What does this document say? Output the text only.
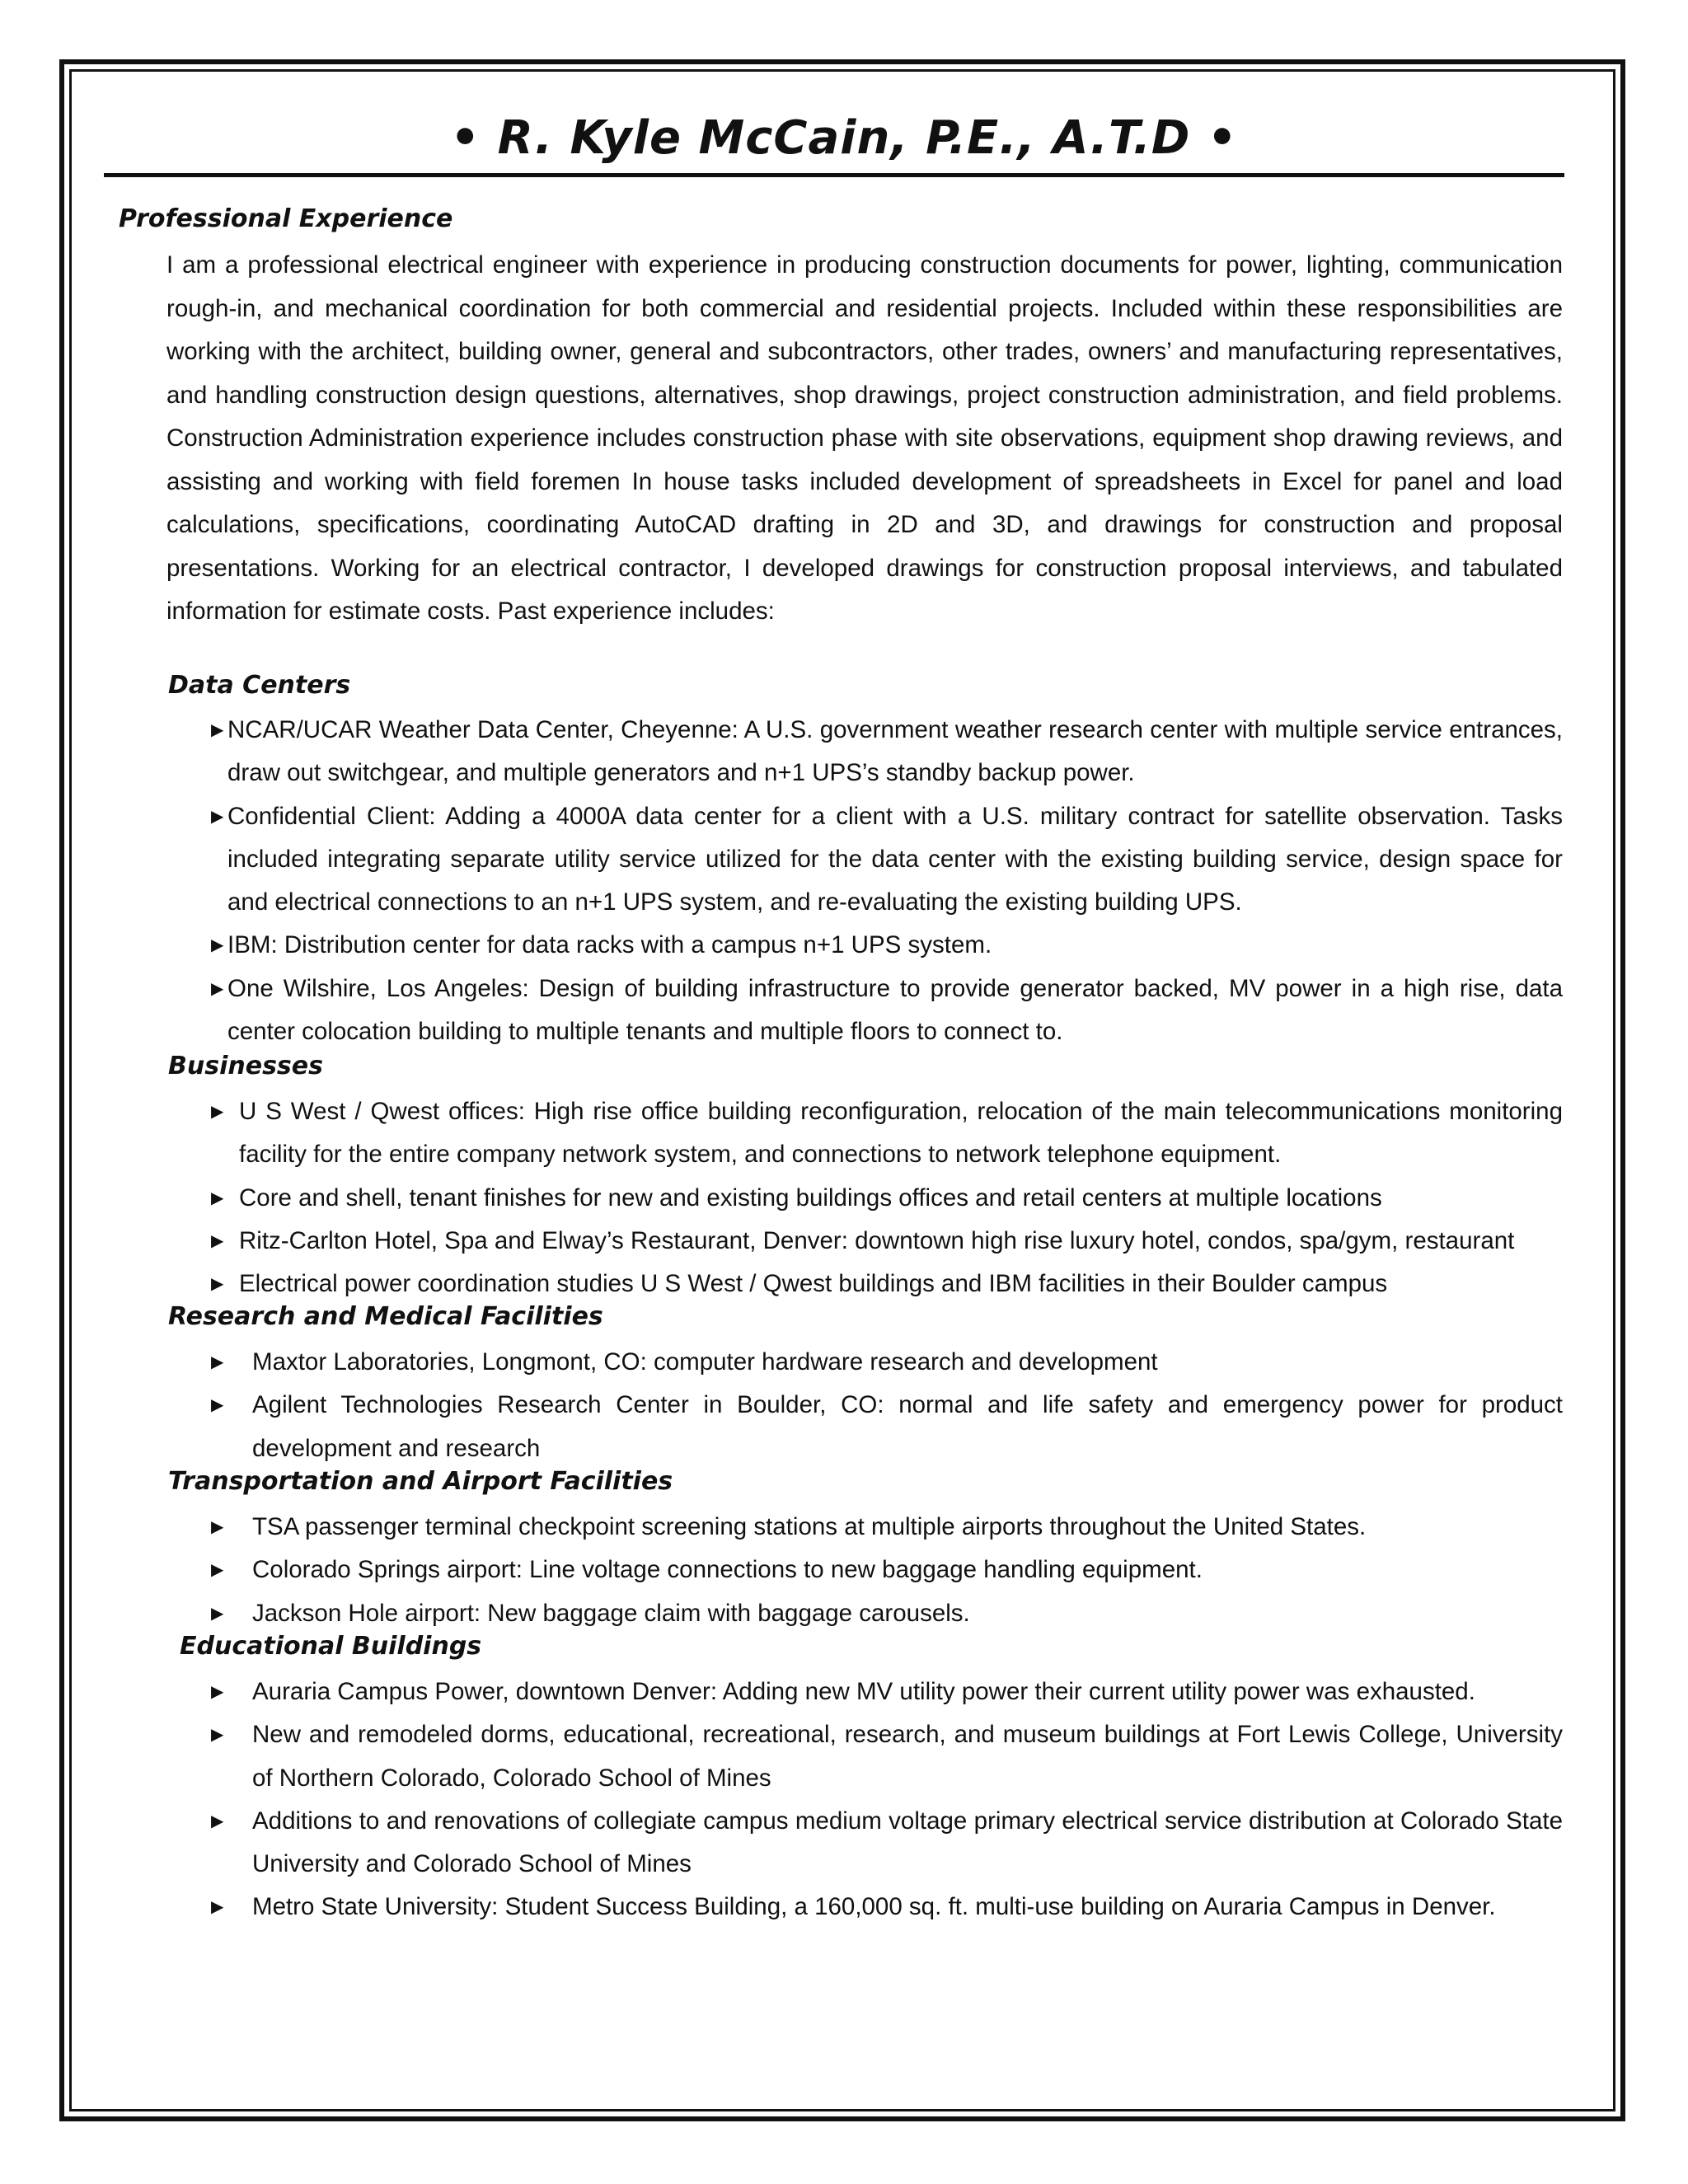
• R. Kyle McCain, P.E., A.T.D •
Professional Experience

I am a professional electrical engineer with experience in producing construction documents for power, lighting, communication rough-in, and mechanical coordination for both commercial and residential projects. Included within these responsibilities are working with the architect, building owner, general and subcontractors, other trades, owners’ and manufacturing representatives, and handling construction design questions, alternatives, shop drawings, project construction administration, and field problems. Construction Administration experience includes construction phase with site observations, equipment shop drawing reviews, and assisting and working with field foremen In house tasks included development of spreadsheets in Excel for panel and load calculations, specifications, coordinating AutoCAD drafting in 2D and 3D, and drawings for construction and proposal presentations. Working for an electrical contractor, I developed drawings for construction proposal interviews, and tabulated information for estimate costs. Past experience includes:

Data Centers
▶ NCAR/UCAR Weather Data Center, Cheyenne: A U.S. government weather research center with multiple service entrances, draw out switchgear, and multiple generators and n+1 UPS’s standby backup power.
▶ Confidential Client: Adding a 4000A data center for a client with a U.S. military contract for satellite observation. Tasks included integrating separate utility service utilized for the data center with the existing building service, design space for and electrical connections to an n+1 UPS system, and re-evaluating the existing building UPS.
▶ IBM: Distribution center for data racks with a campus n+1 UPS system.
▶ One Wilshire, Los Angeles: Design of building infrastructure to provide generator backed, MV power in a high rise, data center colocation building to multiple tenants and multiple floors to connect to.
Businesses
▶ U S West / Qwest offices: High rise office building reconfiguration, relocation of the main telecommunications monitoring facility for the entire company network system, and connections to network telephone equipment.
▶ Core and shell, tenant finishes for new and existing buildings offices and retail centers at multiple locations
▶ Ritz-Carlton Hotel, Spa and Elway’s Restaurant, Denver: downtown high rise luxury hotel, condos, spa/gym, restaurant
▶ Electrical power coordination studies U S West / Qwest buildings and IBM facilities in their Boulder campus
Research and Medical Facilities
▶ Maxtor Laboratories, Longmont, CO: computer hardware research and development
▶ Agilent Technologies Research Center in Boulder, CO: normal and life safety and emergency power for product development and research
Transportation and Airport Facilities
▶ TSA passenger terminal checkpoint screening stations at multiple airports throughout the United States.
▶ Colorado Springs airport: Line voltage connections to new baggage handling equipment.
▶ Jackson Hole airport: New baggage claim with baggage carousels.
Educational Buildings
▶ Auraria Campus Power, downtown Denver: Adding new MV utility power their current utility power was exhausted.
▶ New and remodeled dorms, educational, recreational, research, and museum buildings at Fort Lewis College, University of Northern Colorado, Colorado School of Mines
▶ Additions to and renovations of collegiate campus medium voltage primary electrical service distribution at Colorado State University and Colorado School of Mines
▶ Metro State University: Student Success Building, a 160,000 sq. ft. multi-use building on Auraria Campus in Denver.
